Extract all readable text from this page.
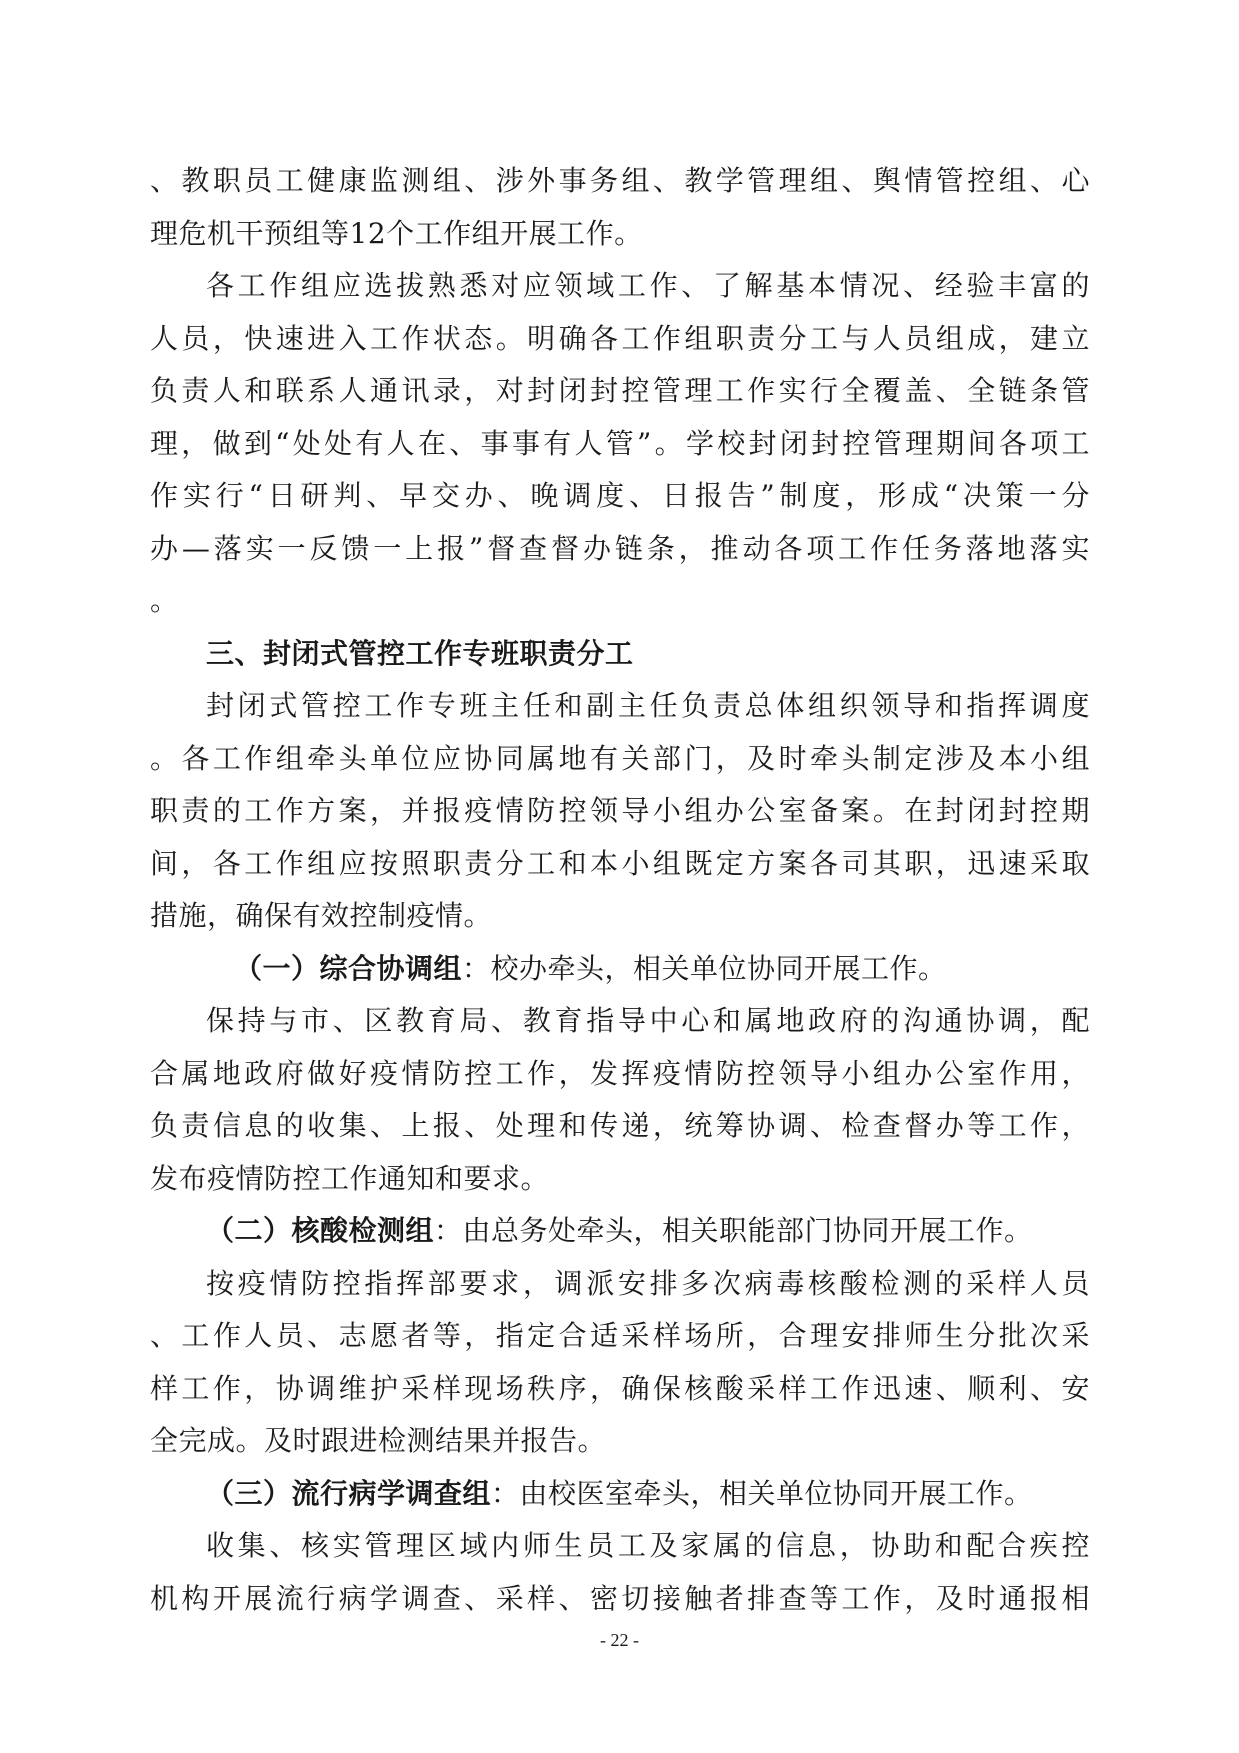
、教职员工健康监测组、涉外事务组、教学管理组、舆情管控组、心
理危机干预组等12个工作组开展工作。
各工作组应选拔熟悉对应领域工作、了解基本情况、经验丰富的
人员，快速进入工作状态。明确各工作组职责分工与人员组成，建立
负责人和联系人通讯录，对封闭封控管理工作实行全覆盖、全链条管
理，做到“处处有人在、事事有人管”。学校封闭封控管理期间各项工
作实行“日研判、早交办、晚调度、日报告”制度，形成“决策一分
办—落实一反馈一上报”督查督办链条，推动各项工作任务落地落实
。
三、封闭式管控工作专班职责分工
封闭式管控工作专班主任和副主任负责总体组织领导和指挥调度
。各工作组牵头单位应协同属地有关部门，及时牵头制定涉及本小组
职责的工作方案，并报疫情防控领导小组办公室备案。在封闭封控期
间，各工作组应按照职责分工和本小组既定方案各司其职，迅速采取
措施，确保有效控制疫情。
（一）综合协调组：校办牵头，相关单位协同开展工作。
保持与市、区教育局、教育指导中心和属地政府的沟通协调，配
合属地政府做好疫情防控工作，发挥疫情防控领导小组办公室作用，
负责信息的收集、上报、处理和传递，统筹协调、检查督办等工作，
发布疫情防控工作通知和要求。
（二）核酸检测组：由总务处牵头，相关职能部门协同开展工作。
按疫情防控指挥部要求，调派安排多次病毒核酸检测的采样人员
、工作人员、志愿者等，指定合适采样场所，合理安排师生分批次采
样工作，协调维护采样现场秩序，确保核酸采样工作迅速、顺利、安
全完成。及时跟进检测结果并报告。
（三）流行病学调查组：由校医室牵头，相关单位协同开展工作。
收集、核实管理区域内师生员工及家属的信息，协助和配合疾控
机构开展流行病学调查、采样、密切接触者排查等工作，及时通报相
- 22 -
